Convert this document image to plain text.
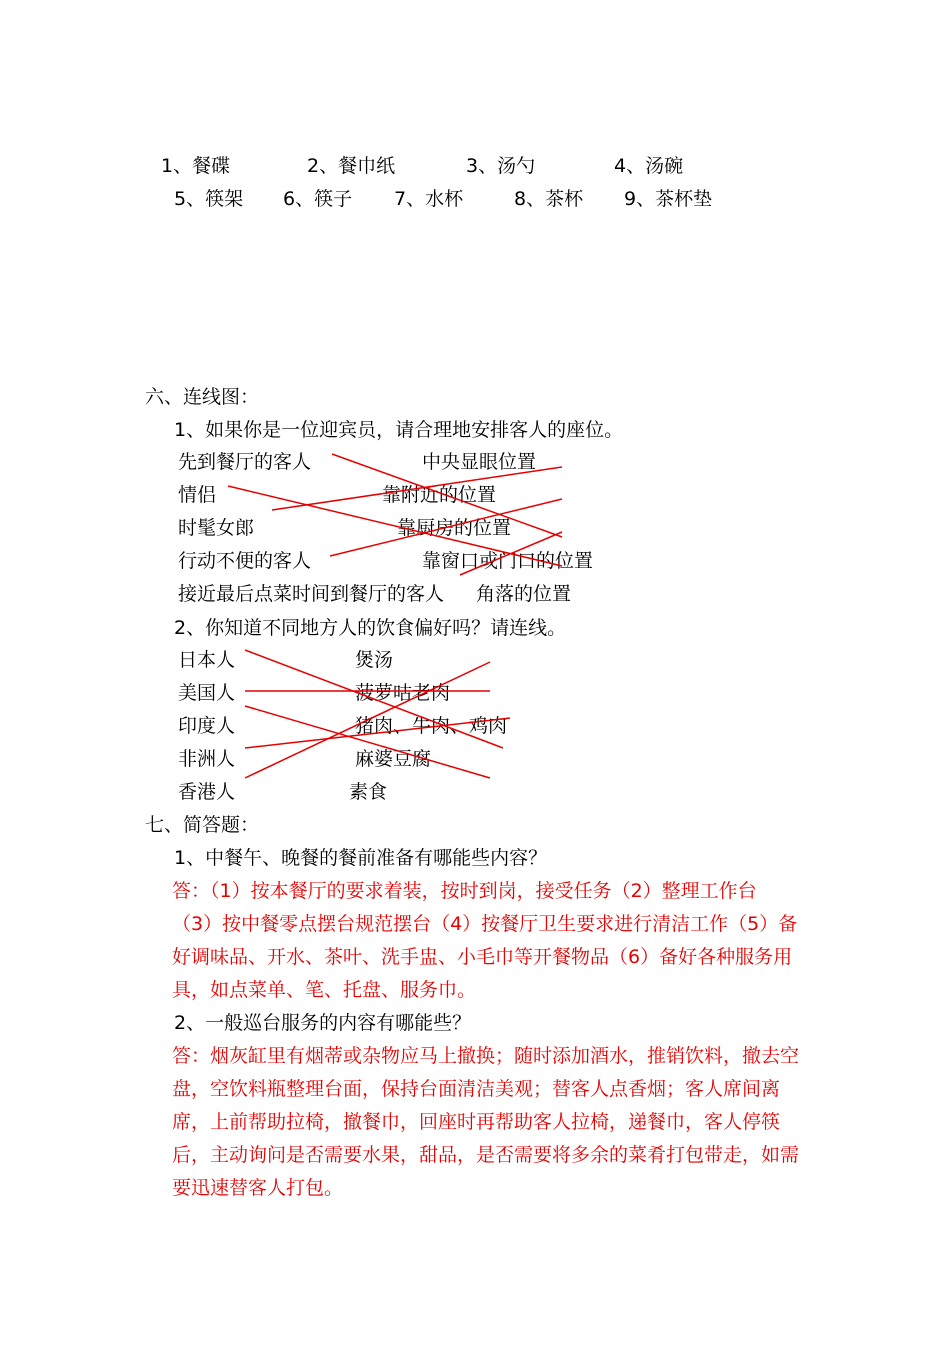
1、餐碟	2、餐巾纸	3、汤勺	4、汤碗
5、筷架 6、筷子 7、水杯	8、茶杯 9、茶杯垫
六、连线图：
1、如果你是一位迎宾员，请合理地安排客人的座位。
先到餐厅的客人
情侣
时髦女郎
行动不便的客人
接近最后点菜时间到餐厅的客人
中央显眼位置
靠附近的位置
靠厨房的位置
靠窗口或门口的位置
角落的位置
2、你知道不同地方人的饮食偏好吗？请连线。
日本人
美国人
印度人
非洲人
香港人
煲汤
菠萝咕老肉
猪肉、牛肉、鸡肉
麻婆豆腐
素食
七、简答题：
1、中餐午、晚餐的餐前准备有哪能些内容？
答：（1）按本餐厅的要求着装，按时到岗，接受任务（2）整理工作台
（3）按中餐零点摆台规范摆台（4）按餐厅卫生要求进行清洁工作（5）备
好调味品、开水、茶叶、洗手盅、小毛巾等开餐物品（6）备好各种服务用
具，如点菜单、笔、托盘、服务巾。
2、一般巡台服务的内容有哪能些？
答：烟灰缸里有烟蒂或杂物应马上撤换；随时添加酒水，推销饮料，撤去空
盘，空饮料瓶整理台面，保持台面清洁美观；替客人点香烟；客人席间离
席，上前帮助拉椅，撤餐巾，回座时再帮助客人拉椅，递餐巾，客人停筷
后，主动询问是否需要水果，甜品，是否需要将多余的菜肴打包带走，如需
要迅速替客人打包。
